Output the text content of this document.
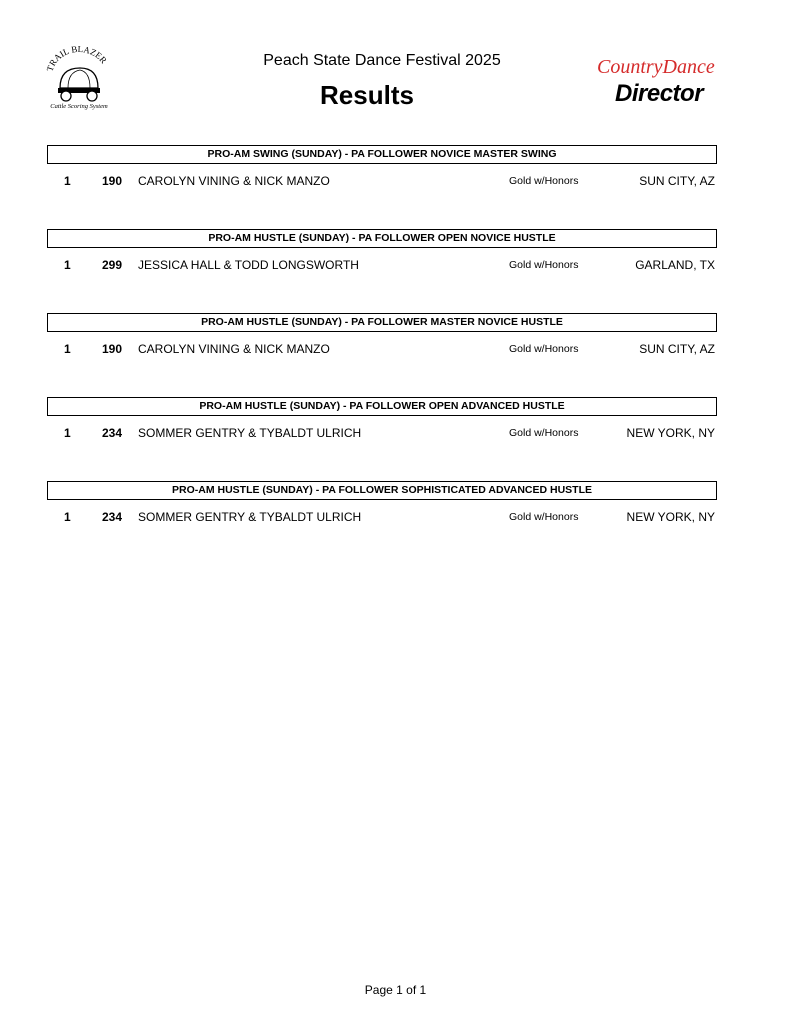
TRAIL BLAZER
Cattle Scoring System
Peach State Dance Festival 2025
Results
CountryDance
Director
PRO-AM SWING (SUNDAY) - PA FOLLOWER NOVICE MASTER SWING
1	190 CAROLYN VINING & NICK MANZO	Gold w/Honors	SUN CITY, AZ
PRO-AM HUSTLE (SUNDAY) - PA FOLLOWER OPEN NOVICE HUSTLE
1	299 JESSICA HALL & TODD LONGSWORTH	Gold w/Honors	GARLAND, TX
PRO-AM HUSTLE (SUNDAY) - PA FOLLOWER MASTER NOVICE HUSTLE
1	190 CAROLYN VINING & NICK MANZO	Gold w/Honors	SUN CITY, AZ
PRO-AM HUSTLE (SUNDAY) - PA FOLLOWER OPEN ADVANCED HUSTLE
1	234 SOMMER GENTRY & TYBALDT ULRICH	Gold w/Honors	NEW YORK, NY
PRO-AM HUSTLE (SUNDAY) - PA FOLLOWER SOPHISTICATED ADVANCED HUSTLE
1	234 SOMMER GENTRY & TYBALDT ULRICH	Gold w/Honors	NEW YORK, NY
Page 1 of 1
